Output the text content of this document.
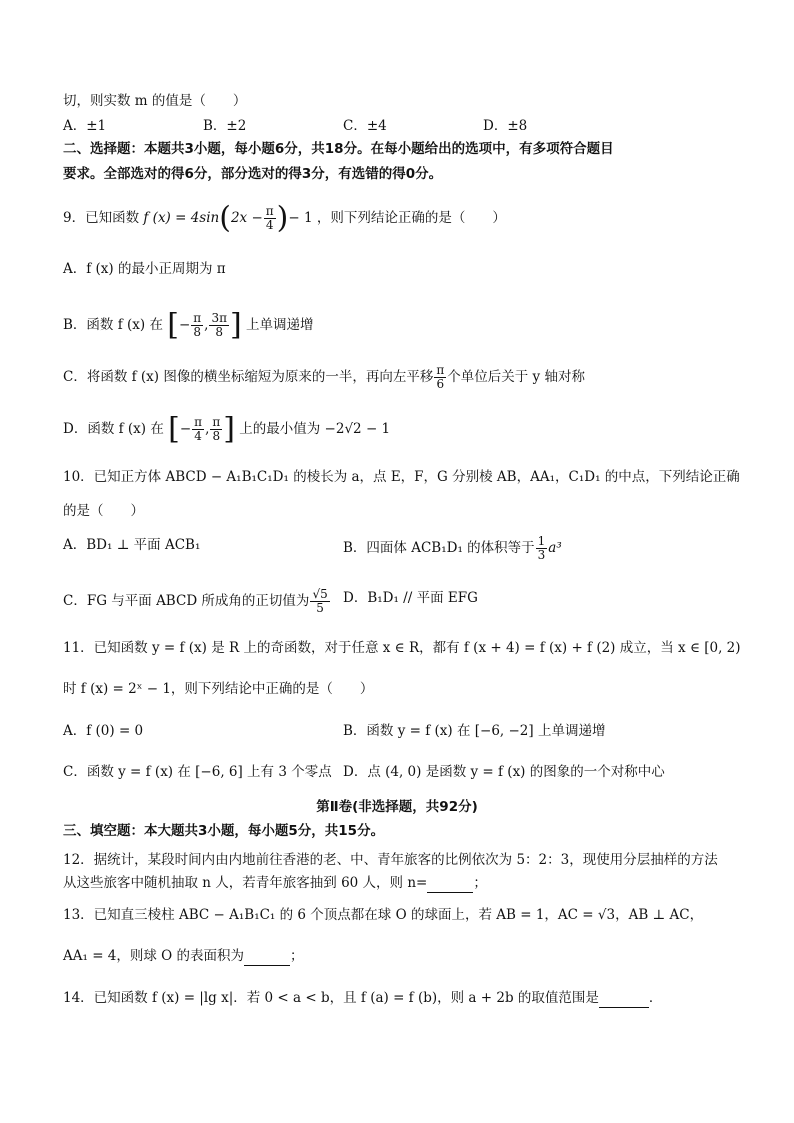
切，则实数 m 的值是（　　）
A．±1	B．±2	C．±4	D．±8
二、选择题：本题共3小题，每小题6分，共18分。在每小题给出的选项中，有多项符合题目
要求。全部选对的得6分，部分选对的得3分，有选错的得0分。
9．已知函数 f $(x) = 4\sin(2x - \frac{\pi}{4}$ )− 1 ，则下列结论正确的是（　　）
A．f (x) 的最小正周期为 π
B．函数 f (x) 在 [− $\frac{\pi}{8}$ , $\frac{3\pi}{8}$ ] 上单调递增
C．将函数 f (x) 图像的横坐标缩短为原来的一半，再向左平移 $\frac{\pi}{6}$ 个单位后关于 y 轴对称
D．函数 f (x) 在 [− $\frac{\pi}{4}$ , $\frac{\pi}{8}$ ] 上的最小值为 −2√2 − 1
10．已知正方体 ABCD − A₁B₁C₁D₁ 的棱长为 a，点 E，F，G 分别棱 AB，AA₁，C₁D₁ 的中点，下列结论正确
的是（　　）
A．BD₁ ⊥ 平面 ACB₁	B．四面体 ACB₁D₁ 的体积等于 $\frac{1}{3} a^3$
C．FG 与平面 ABCD 所成角的正切值为 $\frac{√5}{5}$ D．B₁D₁ // 平面 EFG
11．已知函数 y = f (x) 是 R 上的奇函数，对于任意 x ∈ R，都有 f (x + 4) = f (x) + f (2) 成立，当 x ∈ [0, 2)
时 f (x) = 2ˣ − 1，则下列结论中正确的是（　　）
A．f (0) = 0	B．函数 y = f (x) 在 [−6, −2] 上单调递增
C．函数 y = f (x) 在 [−6, 6] 上有 3 个零点 D．点 (4, 0) 是函数 y = f (x) 的图象的一个对称中心
第Ⅱ卷(非选择题，共92分)
三、填空题：本大题共3小题，每小题5分，共15分。
12．据统计，某段时间内由内地前往香港的老、中、青年旅客的比例依次为 5：2：3，现使用分层抽样的方法
从这些旅客中随机抽取 n 人，若青年旅客抽到 60 人，则 n=	；
13．已知直三棱柱 ABC − A₁B₁C₁ 的 6 个顶点都在球 O 的球面上，若 AB = 1，AC = √3，AB ⊥ AC，
AA₁ = 4，则球 O 的表面积为	；
14．已知函数 f (x) = |lg x|．若 0 < a < b，且 f (a) = f (b)，则 a + 2b 的取值范围是	．
